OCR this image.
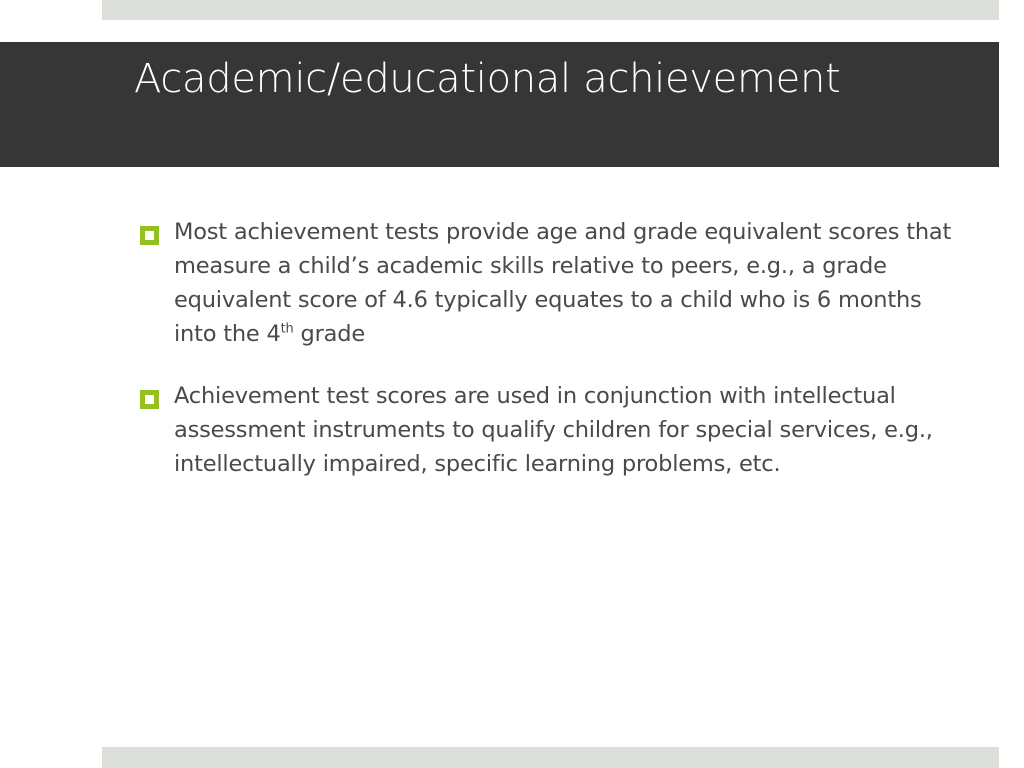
Academic/educational achievement
Most achievement tests provide age and grade equivalent scores that measure a child’s academic skills relative to peers, e.g., a grade equivalent score of 4.6 typically equates to a child who is 6 months into the 4th grade
Achievement test scores are used in conjunction with intellectual assessment instruments to qualify children for special services, e.g., intellectually impaired, specific learning problems, etc.
